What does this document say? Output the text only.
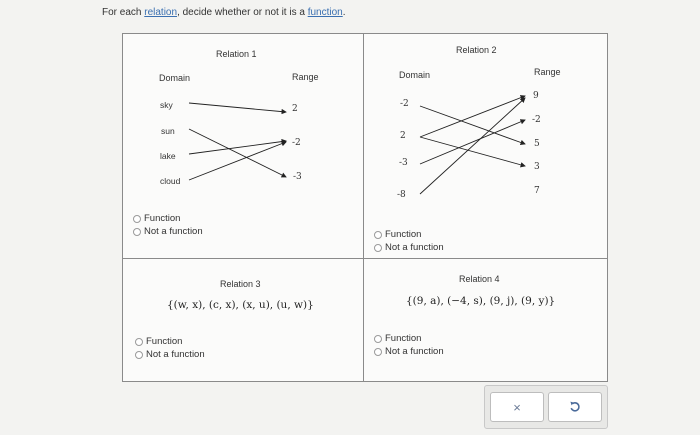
For each relation, decide whether or not it is a function.
Relation 1
Domain	Range
sky
sun
lake
cloud
2
-2
-3
Function
Not a function
Relation 2
Domain	Range
-2
2
-3
-8
9
-2
5
3
7
Function
Not a function
Relation 3
{(w, x), (c, x), (x, u), (u, w)}
Function
Not a function
Relation 4
{(9, a), (−4, s), (9, j), (9, y)}
Function
Not a function
×
